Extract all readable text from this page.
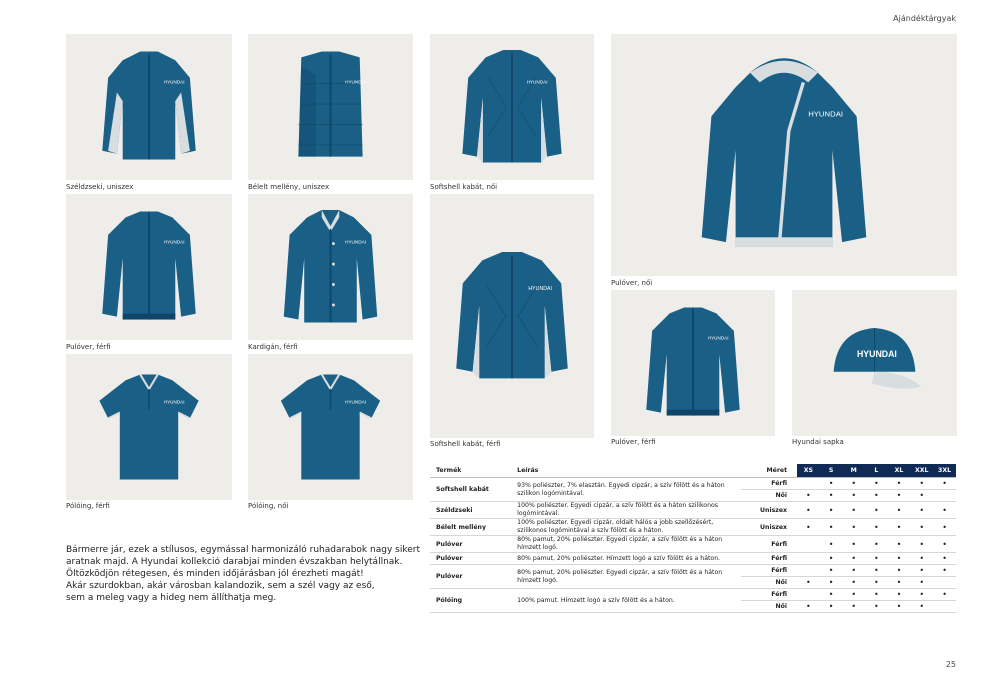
Ajándéktárgyak
HYUNDAI
Széldzseki, uniszex
HYUNDAI
Bélelt mellény, uniszex
HYUNDAI
Softshell kabát, női
HYUNDAI
Pulóver, női
HYUNDAI
Pulóver, férfi
HYUNDAI
Kardigán, férfi
HYUNDAI
Softshell kabát, férfi
HYUNDAI
Pulóver, férfi
HYUNDAI
Hyundai sapka
HYUNDAI
Pólóing, férfi
HYUNDAI
Pólóing, női
Bármerre jár, ezek a stílusos, egymással harmonizáló ruhadarabok nagy sikert
aratnak majd. A Hyundai kollekció darabjai minden évszakban helytállnak.
Öltözködjön rétegesen, és minden időjárásban jól érezheti magát!
Akár szurdokban, akár városban kalandozik, sem a szél vagy az eső,
sem a meleg vagy a hideg nem állíthatja meg.
Termék	Leírás	Méret	XS	S	M	L	XL	XXL	3XL
Softshell kabát	93% poliészter, 7% elasztán. Egyedi cipzár, a szív fölött és a háton szilikon logómintával.	Férfi		•	•	•	•	•	•
		Női	•	•	•	•	•	•	
Széldzseki	100% poliészter. Egyedi cipzár, a szív fölött és a háton szilikonos logómintával.	Uniszex	•	•	•	•	•	•	•
Bélelt mellény	100% poliészter. Egyedi cipzár, oldalt hálós a jobb szellőzésért, szilikonos logómintával a szív fölött és a háton.	Uniszex	•	•	•	•	•	•	•
Pulóver	80% pamut, 20% poliészter. Egyedi cipzár, a szív fölött és a háton hímzett logó.	Férfi		•	•	•	•	•	•
Pulóver	80% pamut, 20% poliészter. Hímzett logó a szív fölött és a háton.	Férfi		•	•	•	•	•	•
Pulóver	80% pamut, 20% poliészter. Egyedi cipzár, a szív fölött és a háton hímzett logó.	Férfi		•	•	•	•	•	•
		Női	•	•	•	•	•	•	
Pólóing	100% pamut. Hímzett logó a szív fölött és a háton.	Férfi		•	•	•	•	•	•
		Női	•	•	•	•	•	•	
25
